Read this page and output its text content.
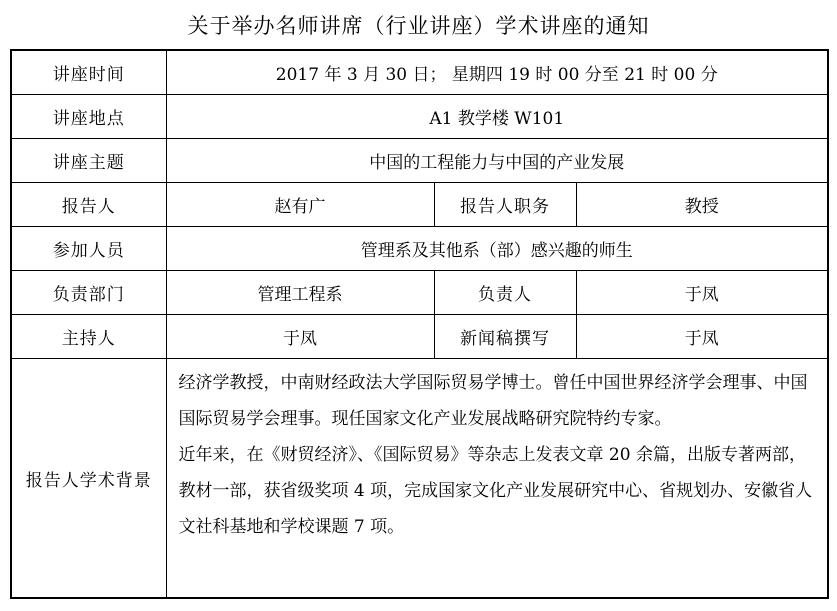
关于举办名师讲席（行业讲座）学术讲座的通知
讲座时间	2017 年 3 月 30 日； 星期四 19 时 00 分至 21 时 00 分		
讲座地点	A1 教学楼 W101		
讲座主题	中国的工程能力与中国的产业发展		
报告人	赵有广	报告人职务	教授
参加人员	管理系及其他系（部）感兴趣的师生		
负责部门	管理工程系	负责人	于凤
主持人	于凤	新闻稿撰写	于凤
报告人学术背景	经济学教授，中南财经政法大学国际贸易学博士。曾任中国世界经济学会理事、中国国际贸易学会理事。现任国家文化产业发展战略研究院特约专家。

近年来，在《财贸经济》、《国际贸易》等杂志上发表文章 20 余篇，出版专著两部，教材一部，获省级奖项 4 项，完成国家文化产业发展研究中心、省规划办、安徽省人文社科基地和学校课题 7 项。		
